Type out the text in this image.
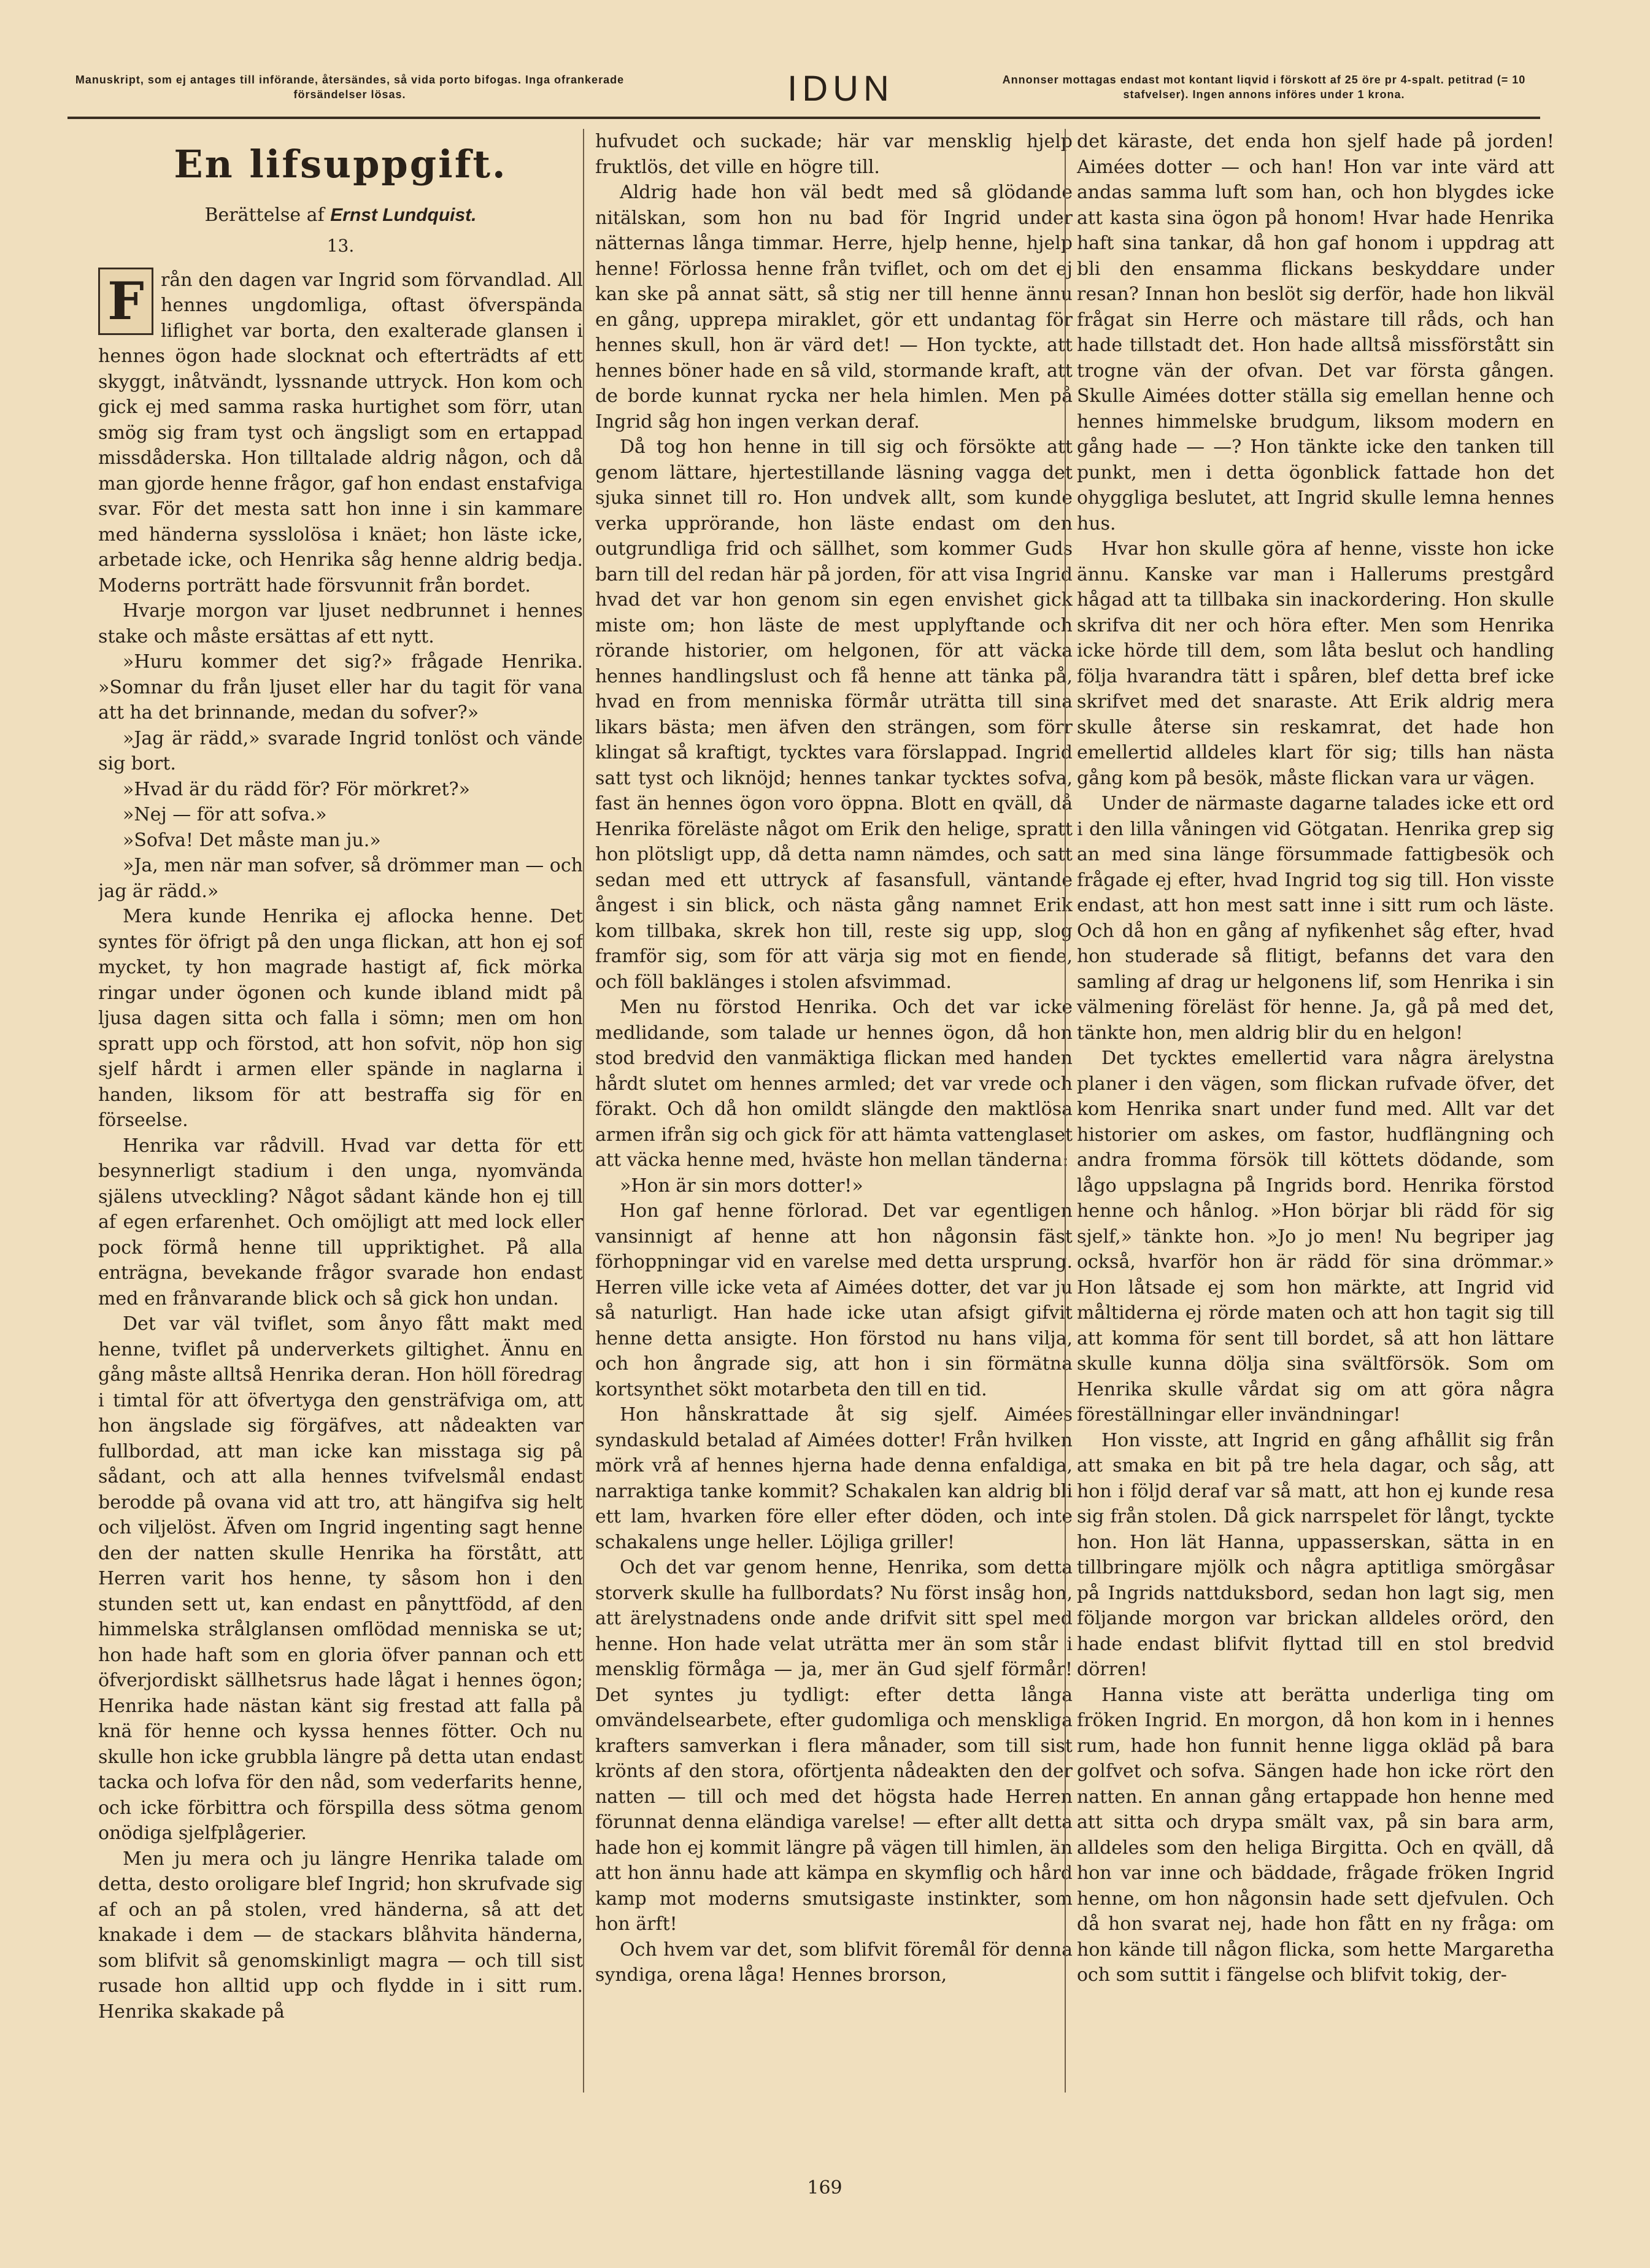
Manuskript, som ej antages till införande, återsändes, så vida porto bifogas. Inga ofrankerade försändelser lösas.	IDUN	Annonser mottagas endast mot kontant liqvid i förskott af 25 öre pr 4-spalt. petitrad (= 10 stafvelser). Ingen annons införes under 1 krona.
En lifsuppgift.
Berättelse af Ernst Lundquist.
13.
F rån den dagen var Ingrid som förvandlad. All hennes ungdomliga, oftast öfverspända liflighet var borta, den exalterade glansen i hennes ögon hade slocknat och efterträdts af ett skyggt, inåtvändt, lyssnande uttryck. Hon kom och gick ej med samma raska hurtighet som förr, utan smög sig fram tyst och ängsligt som en ertappad missdåderska. Hon tilltalade aldrig någon, och då man gjorde henne frågor, gaf hon endast enstafviga svar. För det mesta satt hon inne i sin kammare med händerna sysslolösa i knäet; hon läste icke, arbetade icke, och Henrika såg henne aldrig bedja. Moderns porträtt hade försvunnit från bordet.

Hvarje morgon var ljuset nedbrunnet i hennes stake och måste ersättas af ett nytt.

»Huru kommer det sig?» frågade Henrika. »Somnar du från ljuset eller har du tagit för vana att ha det brinnande, medan du sofver?»

»Jag är rädd,» svarade Ingrid tonlöst och vände sig bort.

»Hvad är du rädd för? För mörkret?»

»Nej — för att sofva.»

»Sofva! Det måste man ju.»

»Ja, men när man sofver, så drömmer man — och jag är rädd.»

Mera kunde Henrika ej aflocka henne. Det syntes för öfrigt på den unga flickan, att hon ej sof mycket, ty hon magrade hastigt af, fick mörka ringar under ögonen och kunde ibland midt på ljusa dagen sitta och falla i sömn; men om hon spratt upp och förstod, att hon sofvit, nöp hon sig sjelf hårdt i armen eller spände in naglarna i handen, liksom för att bestraffa sig för en förseelse.

Henrika var rådvill. Hvad var detta för ett besynnerligt stadium i den unga, nyomvända själens utveckling? Något sådant kände hon ej till af egen erfarenhet. Och omöjligt att med lock eller pock förmå henne till uppriktighet. På alla enträgna, bevekande frågor svarade hon endast med en frånvarande blick och så gick hon undan.

Det var väl tviflet, som ånyo fått makt med henne, tviflet på underverkets giltighet. Ännu en gång måste alltså Henrika deran. Hon höll föredrag i timtal för att öfvertyga den gensträfviga om, att hon ängslade sig förgäfves, att nådeakten var fullbordad, att man icke kan misstaga sig på sådant, och att alla hennes tvifvelsmål endast berodde på ovana vid att tro, att hängifva sig helt och viljelöst. Äfven om Ingrid ingenting sagt henne den der natten skulle Henrika ha förstått, att Herren varit hos henne, ty såsom hon i den stunden sett ut, kan endast en pånyttfödd, af den himmelska strålglansen omflödad menniska se ut; hon hade haft som en gloria öfver pannan och ett öfverjordiskt sällhetsrus hade lågat i hennes ögon; Henrika hade nästan känt sig frestad att falla på knä för henne och kyssa hennes fötter. Och nu skulle hon icke grubbla längre på detta utan endast tacka och lofva för den nåd, som vederfarits henne, och icke förbittra och förspilla dess sötma genom onödiga sjelfplågerier.

Men ju mera och ju längre Henrika talade om detta, desto oroligare blef Ingrid; hon skrufvade sig af och an på stolen, vred händerna, så att det knakade i dem — de stackars blåhvita händerna, som blifvit så genomskinligt magra — och till sist rusade hon alltid upp och flydde in i sitt rum. Henrika skakade på

hufvudet och suckade; här var mensklig hjelp fruktlös, det ville en högre till.

Aldrig hade hon väl bedt med så glödande nitälskan, som hon nu bad för Ingrid under nätternas långa timmar. Herre, hjelp henne, hjelp henne! Förlossa henne från tviflet, och om det ej kan ske på annat sätt, så stig ner till henne ännu en gång, upprepa miraklet, gör ett undantag för hennes skull, hon är värd det! — Hon tyckte, att hennes böner hade en så vild, stormande kraft, att de borde kunnat rycka ner hela himlen. Men på Ingrid såg hon ingen verkan deraf.

Då tog hon henne in till sig och försökte att genom lättare, hjertestillande läsning vagga det sjuka sinnet till ro. Hon undvek allt, som kunde verka upprörande, hon läste endast om den outgrundliga frid och sällhet, som kommer Guds barn till del redan här på jorden, för att visa Ingrid hvad det var hon genom sin egen envishet gick miste om; hon läste de mest upplyftande och rörande historier, om helgonen, för att väcka hennes handlingslust och få henne att tänka på, hvad en from menniska förmår uträtta till sina likars bästa; men äfven den strängen, som förr klingat så kraftigt, tycktes vara förslappad. Ingrid satt tyst och liknöjd; hennes tankar tycktes sofva, fast än hennes ögon voro öppna. Blott en qväll, då Henrika föreläste något om Erik den helige, spratt hon plötsligt upp, då detta namn nämdes, och satt sedan med ett uttryck af fasansfull, väntande ångest i sin blick, och nästa gång namnet Erik kom tillbaka, skrek hon till, reste sig upp, slog framför sig, som för att värja sig mot en fiende, och föll baklänges i stolen afsvimmad.

Men nu förstod Henrika. Och det var icke medlidande, som talade ur hennes ögon, då hon stod bredvid den vanmäktiga flickan med handen hårdt slutet om hennes armled; det var vrede och förakt. Och då hon omildt slängde den maktlösa armen ifrån sig och gick för att hämta vattenglaset att väcka henne med, hväste hon mellan tänderna:

»Hon är sin mors dotter!»

Hon gaf henne förlorad. Det var egentligen vansinnigt af henne att hon någonsin fäst förhoppningar vid en varelse med detta ursprung. Herren ville icke veta af Aimées dotter, det var ju så naturligt. Han hade icke utan afsigt gifvit henne detta ansigte. Hon förstod nu hans vilja, och hon ångrade sig, att hon i sin förmätna kortsynthet sökt motarbeta den till en tid.

Hon hånskrattade åt sig sjelf. Aimées syndaskuld betalad af Aimées dotter! Från hvilken mörk vrå af hennes hjerna hade denna enfaldiga, narraktiga tanke kommit? Schakalen kan aldrig bli ett lam, hvarken före eller efter döden, och inte schakalens unge heller. Löjliga griller!

Och det var genom henne, Henrika, som detta storverk skulle ha fullbordats? Nu först insåg hon, att ärelystnadens onde ande drifvit sitt spel med henne. Hon hade velat uträtta mer än som står i mensklig förmåga — ja, mer än Gud sjelf förmår! Det syntes ju tydligt: efter detta långa omvändelsearbete, efter gudomliga och menskliga krafters samverkan i flera månader, som till sist krönts af den stora, oförtjenta nådeakten den der natten — till och med det högsta hade Herren förunnat denna eländiga varelse! — efter allt detta hade hon ej kommit längre på vägen till himlen, än att hon ännu hade att kämpa en skymflig och hård kamp mot moderns smutsigaste instinkter, som hon ärft!

Och hvem var det, som blifvit föremål för denna syndiga, orena låga! Hennes brorson,

det käraste, det enda hon sjelf hade på jorden! Aimées dotter — och han! Hon var inte värd att andas samma luft som han, och hon blygdes icke att kasta sina ögon på honom! Hvar hade Henrika haft sina tankar, då hon gaf honom i uppdrag att bli den ensamma flickans beskyddare under resan? Innan hon beslöt sig derför, hade hon likväl frågat sin Herre och mästare till råds, och han hade tillstadt det. Hon hade alltså missförstått sin trogne vän der ofvan. Det var första gången. Skulle Aimées dotter ställa sig emellan henne och hennes himmelske brudgum, liksom modern en gång hade — —? Hon tänkte icke den tanken till punkt, men i detta ögonblick fattade hon det ohyggliga beslutet, att Ingrid skulle lemna hennes hus.

Hvar hon skulle göra af henne, visste hon icke ännu. Kanske var man i Hallerums prestgård hågad att ta tillbaka sin inackordering. Hon skulle skrifva dit ner och höra efter. Men som Henrika icke hörde till dem, som låta beslut och handling följa hvarandra tätt i spåren, blef detta bref icke skrifvet med det snaraste. Att Erik aldrig mera skulle återse sin reskamrat, det hade hon emellertid alldeles klart för sig; tills han nästa gång kom på besök, måste flickan vara ur vägen.

Under de närmaste dagarne talades icke ett ord i den lilla våningen vid Götgatan. Henrika grep sig an med sina länge försummade fattigbesök och frågade ej efter, hvad Ingrid tog sig till. Hon visste endast, att hon mest satt inne i sitt rum och läste. Och då hon en gång af nyfikenhet såg efter, hvad hon studerade så flitigt, befanns det vara den samling af drag ur helgonens lif, som Henrika i sin välmening föreläst för henne. Ja, gå på med det, tänkte hon, men aldrig blir du en helgon!

Det tycktes emellertid vara några ärelystna planer i den vägen, som flickan rufvade öfver, det kom Henrika snart under fund med. Allt var det historier om askes, om fastor, hudflängning och andra fromma försök till köttets dödande, som lågo uppslagna på Ingrids bord. Henrika förstod henne och hånlog. »Hon börjar bli rädd för sig sjelf,» tänkte hon. »Jo jo men! Nu begriper jag också, hvarför hon är rädd för sina drömmar.» Hon låtsade ej som hon märkte, att Ingrid vid måltiderna ej rörde maten och att hon tagit sig till att komma för sent till bordet, så att hon lättare skulle kunna dölja sina svältförsök. Som om Henrika skulle vårdat sig om att göra några föreställningar eller invändningar!

Hon visste, att Ingrid en gång afhållit sig från att smaka en bit på tre hela dagar, och såg, att hon i följd deraf var så matt, att hon ej kunde resa sig från stolen. Då gick narrspelet för långt, tyckte hon. Hon lät Hanna, uppasserskan, sätta in en tillbringare mjölk och några aptitliga smörgåsar på Ingrids nattduksbord, sedan hon lagt sig, men följande morgon var brickan alldeles orörd, den hade endast blifvit flyttad till en stol bredvid dörren!

Hanna viste att berätta underliga ting om fröken Ingrid. En morgon, då hon kom in i hennes rum, hade hon funnit henne ligga okläd på bara golfvet och sofva. Sängen hade hon icke rört den natten. En annan gång ertappade hon henne med att sitta och drypa smält vax, på sin bara arm, alldeles som den heliga Birgitta. Och en qväll, då hon var inne och bäddade, frågade fröken Ingrid henne, om hon någonsin hade sett djefvulen. Och då hon svarat nej, hade hon fått en ny fråga: om hon kände till någon flicka, som hette Margaretha och som suttit i fängelse och blifvit tokig, der-

169
